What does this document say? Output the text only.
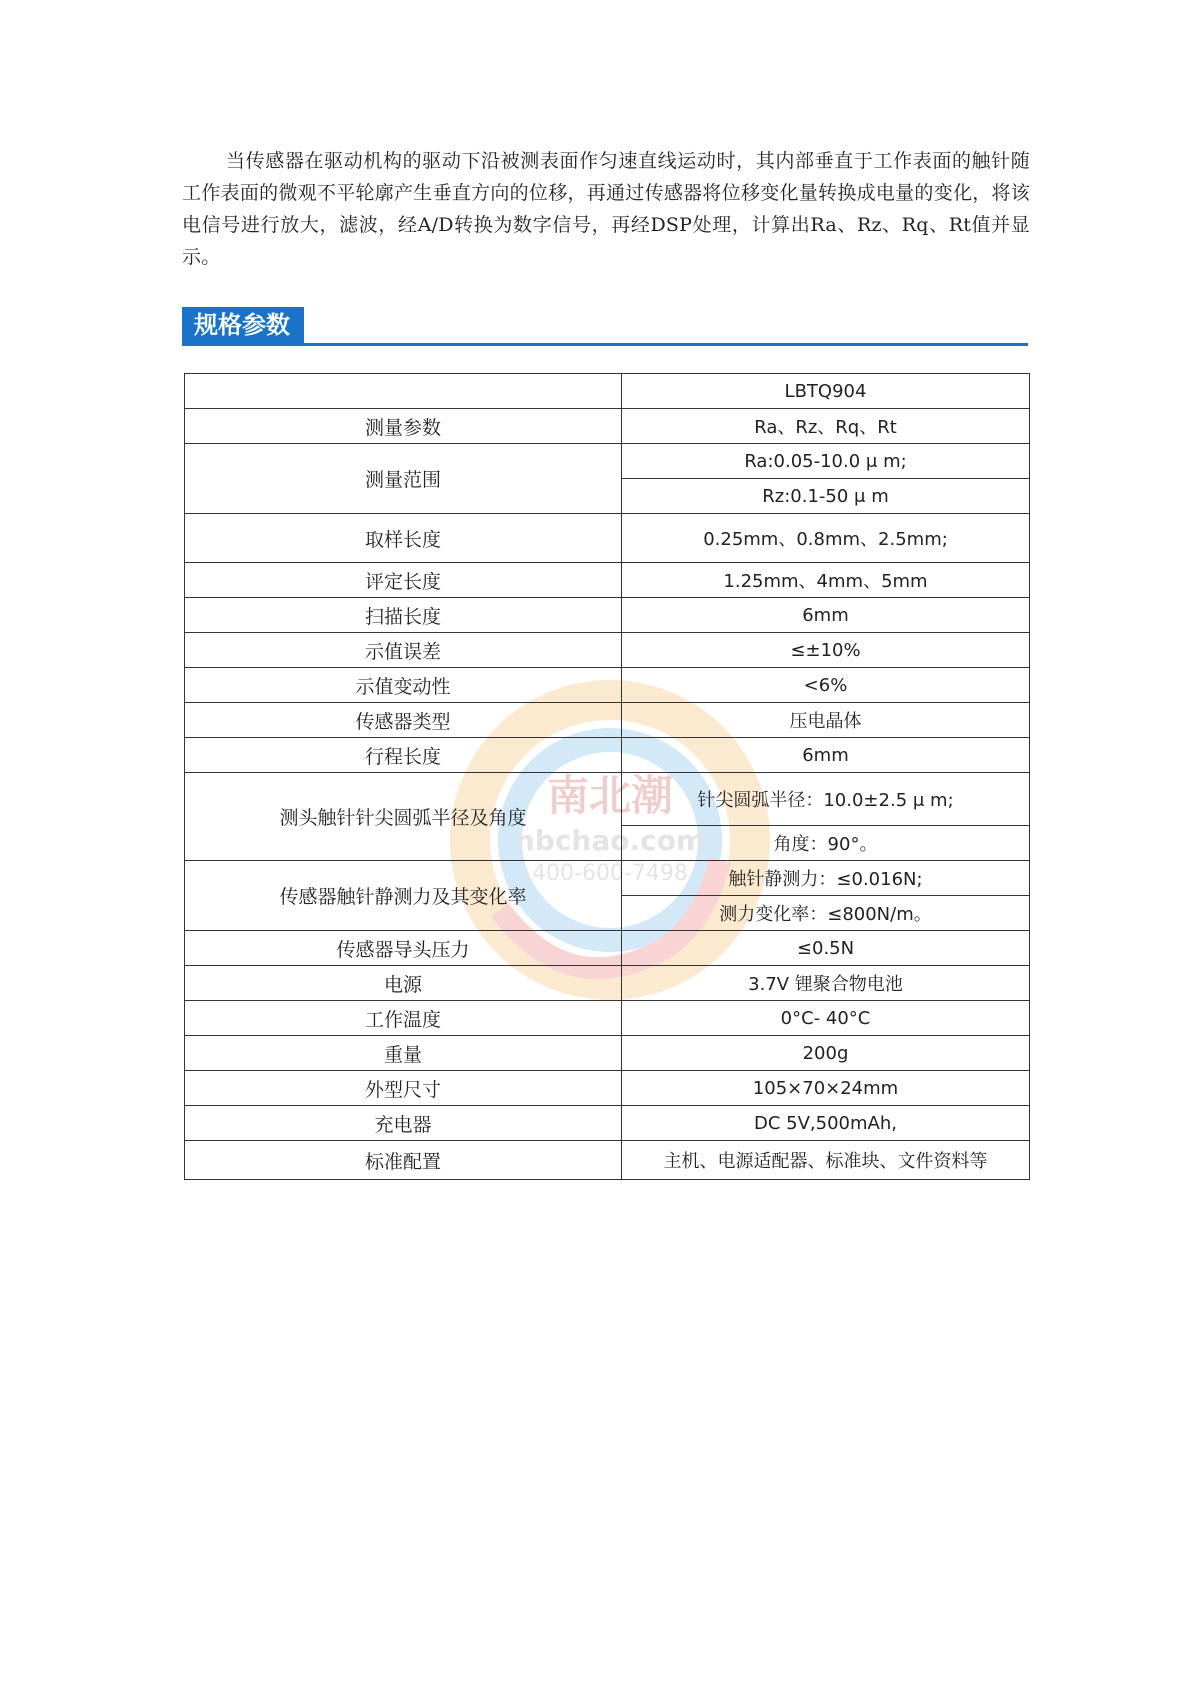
当传感器在驱动机构的驱动下沿被测表面作匀速直线运动时，其内部垂直于工作表面的触针随工作表面的微观不平轮廓产生垂直方向的位移，再通过传感器将位移变化量转换成电量的变化，将该电信号进行放大，滤波，经A/D转换为数字信号，再经DSP处理，计算出Ra、Rz、Rq、Rt值并显示。

规格参数
南北潮
nbchao.com
400-600-7498
	LBTQ904
测量参数	Ra、Rz、Rq、Rt
测量范围	Ra:0.05-10.0 μ m;
	Rz:0.1-50 μ m
取样长度	0.25mm、0.8mm、2.5mm;
评定长度	1.25mm、4mm、5mm
扫描长度	6mm
示值误差	≤±10%
示值变动性	<6%
传感器类型	压电晶体
行程长度	6mm
测头触针针尖圆弧半径及角度	针尖圆弧半径：10.0±2.5 μ m;
	角度：90°。
传感器触针静测力及其变化率	触针静测力：≤0.016N;
	测力变化率：≤800N/m。
传感器导头压力	≤0.5N
电源	3.7V 锂聚合物电池
工作温度	0°C- 40°C
重量	200g
外型尺寸	105×70×24mm
充电器	DC 5V,500mAh,
标准配置	主机、电源适配器、标准块、文件资料等
